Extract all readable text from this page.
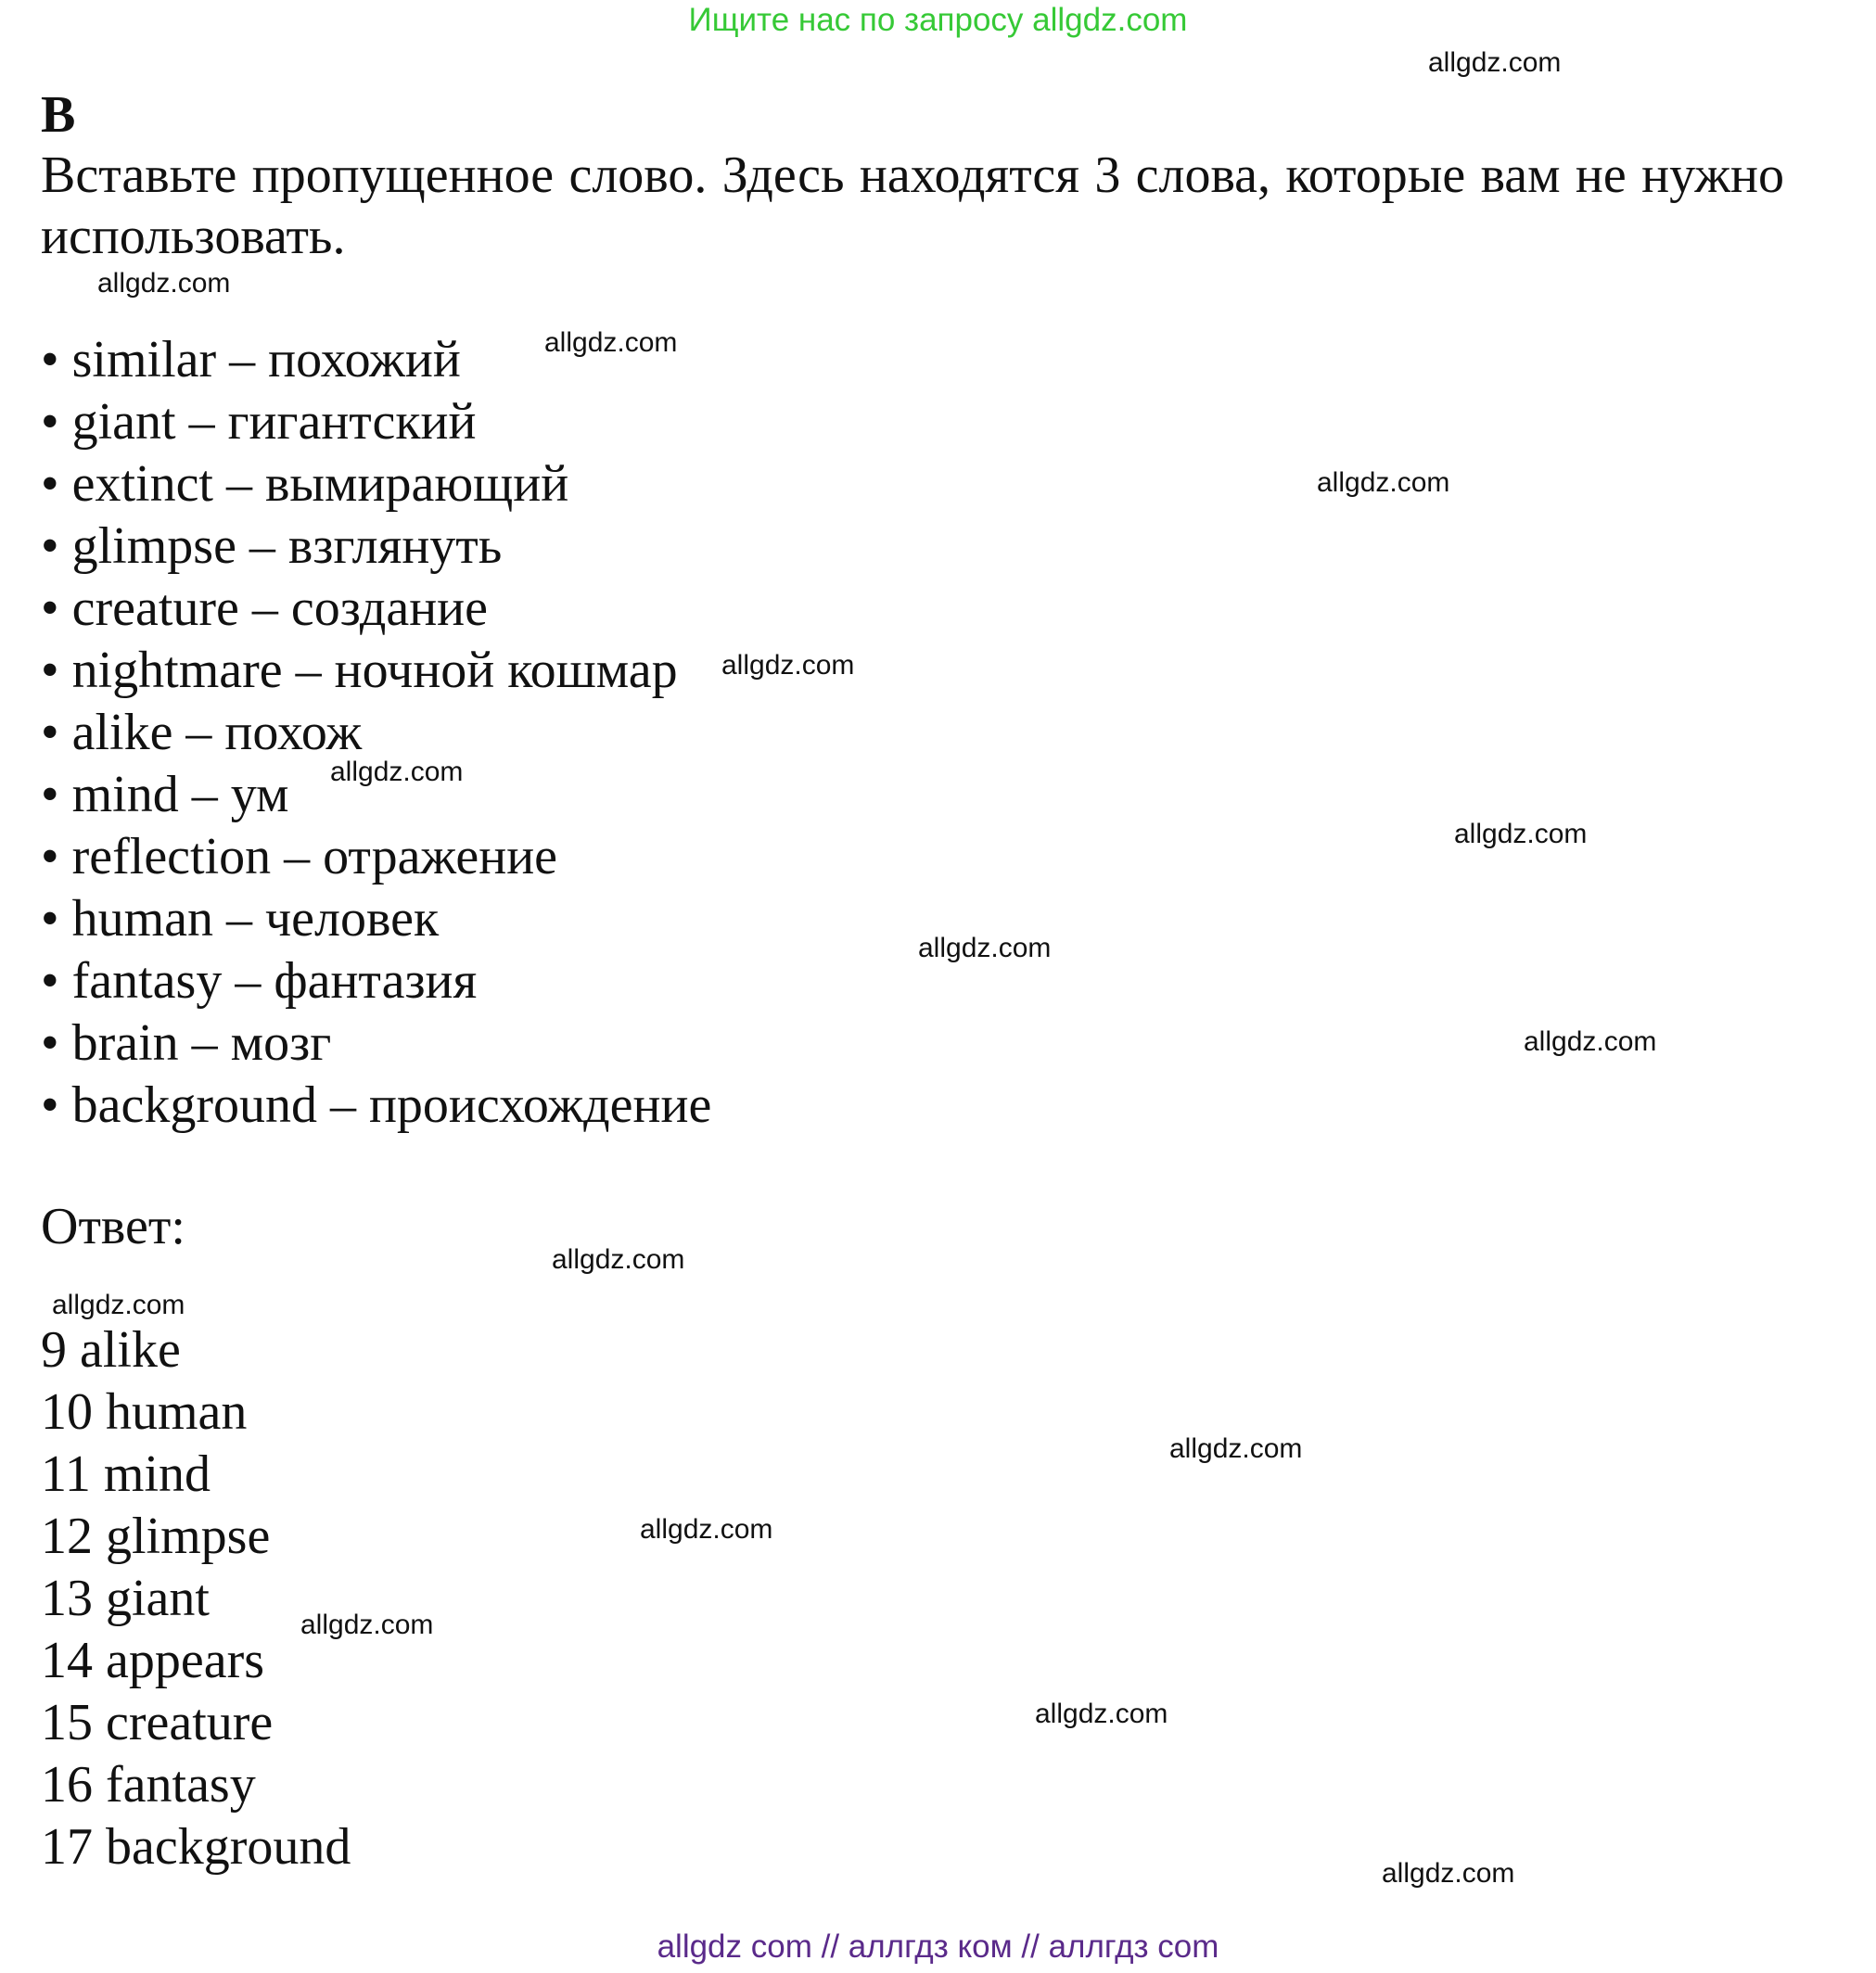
Ищите нас по запросу allgdz.com
B
Вставьте пропущенное слово. Здесь находятся 3 слова, которые вам не нужно использовать.
• similar – похожий
• giant – гигантский
• extinct – вымирающий
• glimpse – взглянуть
• creature – создание
• nightmare – ночной кошмар
• alike – похож
• mind – ум
• reflection – отражение
• human – человек
• fantasy – фантазия
• brain – мозг
• background – происхождение
Ответ:
9 alike
10 human
11 mind
12 glimpse
13 giant
14 appears
15 creature
16 fantasy
17 background
allgdz.com
allgdz.com
allgdz.com
allgdz.com
allgdz.com
allgdz.com
allgdz.com
allgdz.com
allgdz.com
allgdz.com
allgdz.com
allgdz.com
allgdz.com
allgdz.com
allgdz.com
allgdz.com
allgdz com // аллгдз ком // аллгдз com
